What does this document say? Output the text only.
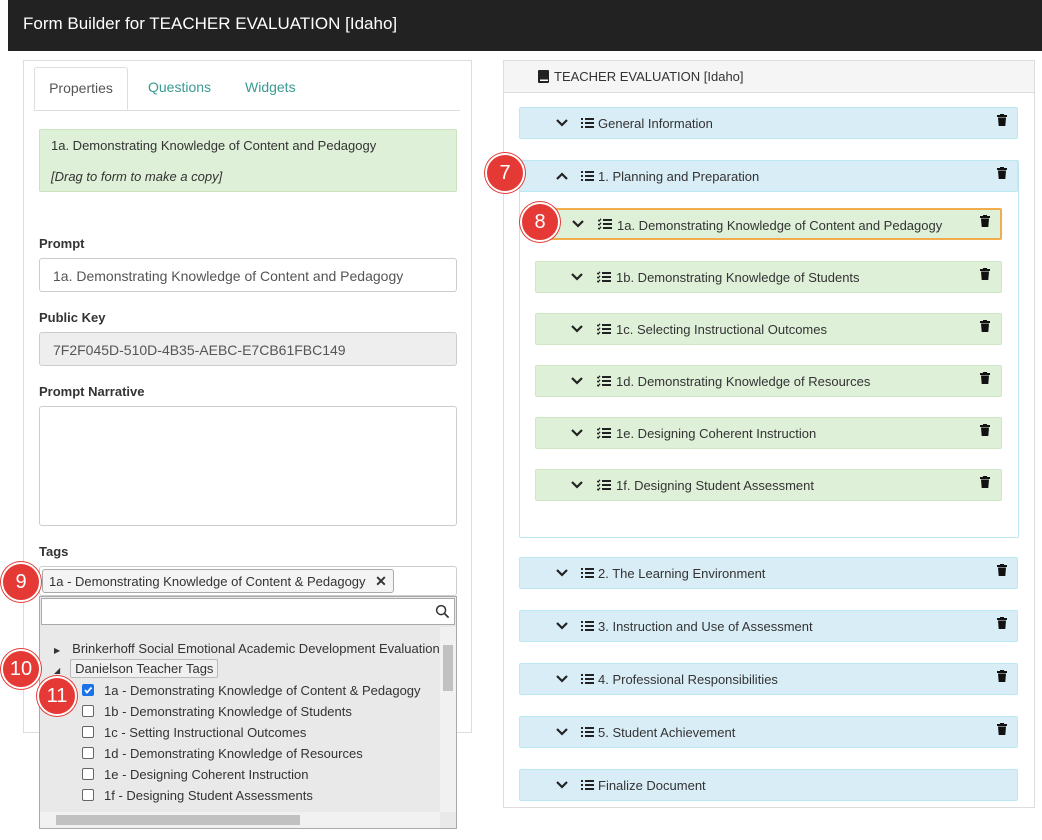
Form Builder for TEACHER EVALUATION [Idaho]
Properties	Questions Widgets
1a. Demonstrating Knowledge of Content and Pedagogy
[Drag to form to make a copy]
Prompt
1a. Demonstrating Knowledge of Content and Pedagogy
Public Key
7F2F045D-510D-4B35-AEBC-E7CB61FBC149
Prompt Narrative
Tags
1a - Demonstrating Knowledge of Content & Pedagogy ✕
▶ Brinkerhoff Social Emotional Academic Development Evaluation
◢ Danielson Teacher Tags
1a - Demonstrating Knowledge of Content & Pedagogy
1b - Demonstrating Knowledge of Students
1c - Setting Instructional Outcomes
1d - Demonstrating Knowledge of Resources
1e - Designing Coherent Instruction
1f - Designing Student Assessments
TEACHER EVALUATION [Idaho]
General Information
1. Planning and Preparation
1a. Demonstrating Knowledge of Content and Pedagogy
1b. Demonstrating Knowledge of Students
1c. Selecting Instructional Outcomes
1d. Demonstrating Knowledge of Resources
1e. Designing Coherent Instruction
1f. Designing Student Assessment
2. The Learning Environment
3. Instruction and Use of Assessment
4. Professional Responsibilities
5. Student Achievement
Finalize Document
7
8
9
10
11
